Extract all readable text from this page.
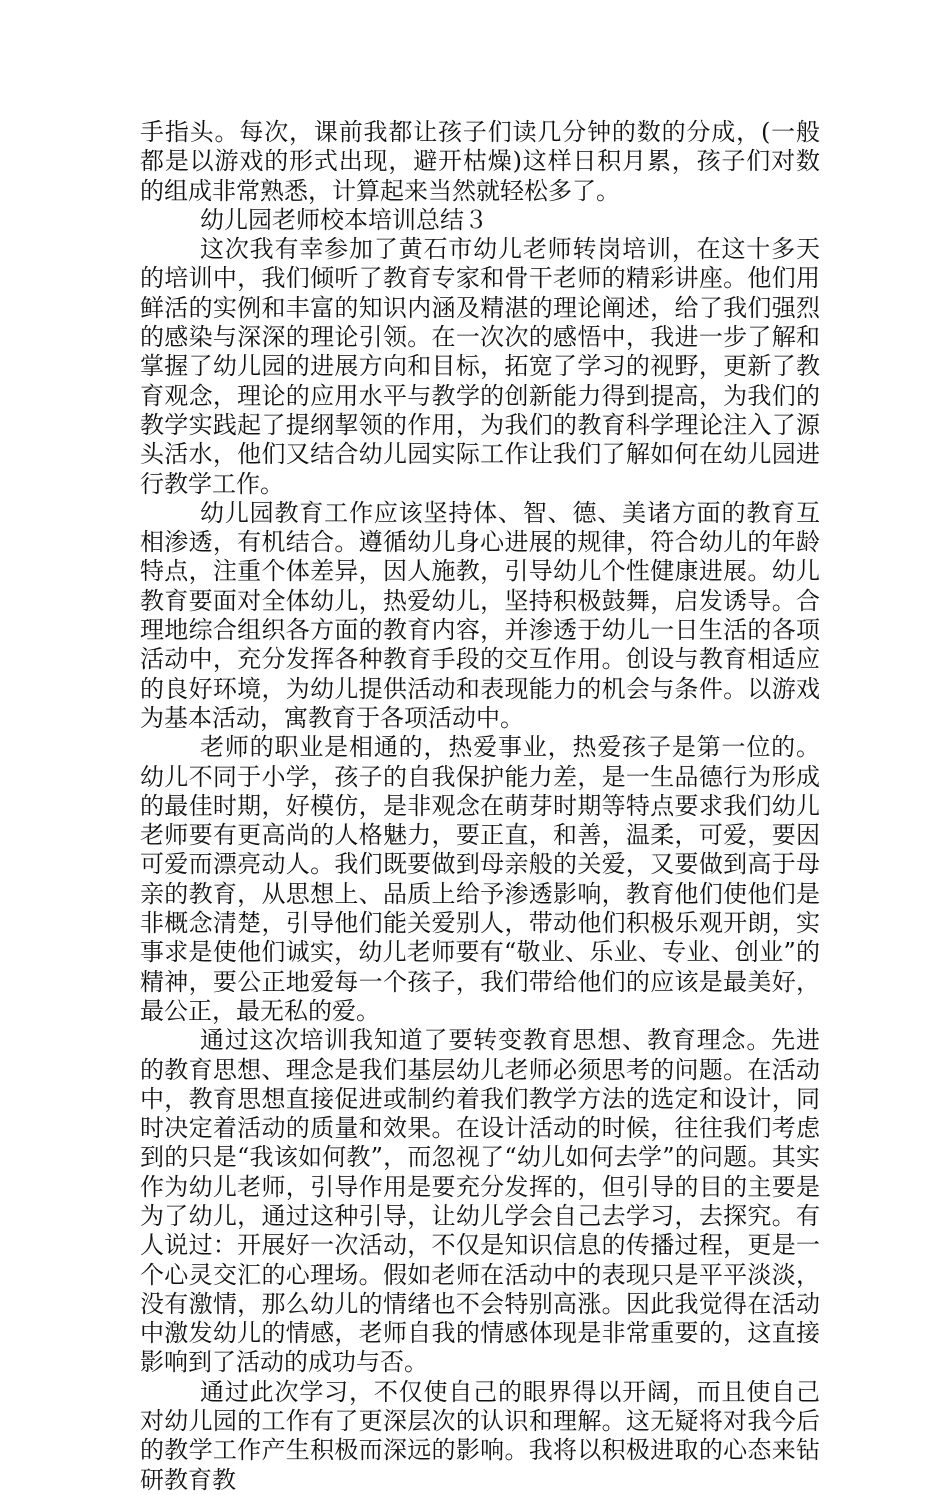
手指头。每次，课前我都让孩子们读几分钟的数的分成，(一般都是以游戏的形式出现，避开枯燥)这样日积月累，孩子们对数的组成非常熟悉，计算起来当然就轻松多了。

幼儿园老师校本培训总结３

这次我有幸参加了黄石市幼儿老师转岗培训，在这十多天的培训中，我们倾听了教育专家和骨干老师的精彩讲座。他们用鲜活的实例和丰富的知识内涵及精湛的理论阐述，给了我们强烈的感染与深深的理论引领。在一次次的感悟中，我进一步了解和掌握了幼儿园的进展方向和目标，拓宽了学习的视野，更新了教育观念，理论的应用水平与教学的创新能力得到提高，为我们的教学实践起了提纲挈领的作用，为我们的教育科学理论注入了源头活水，他们又结合幼儿园实际工作让我们了解如何在幼儿园进行教学工作。

幼儿园教育工作应该坚持体、智、德、美诸方面的教育互相渗透，有机结合。遵循幼儿身心进展的规律，符合幼儿的年龄特点，注重个体差异，因人施教，引导幼儿个性健康进展。幼儿教育要面对全体幼儿，热爱幼儿，坚持积极鼓舞，启发诱导。合理地综合组织各方面的教育内容，并渗透于幼儿一日生活的各项活动中，充分发挥各种教育手段的交互作用。创设与教育相适应的良好环境，为幼儿提供活动和表现能力的机会与条件。以游戏为基本活动，寓教育于各项活动中。

老师的职业是相通的，热爱事业，热爱孩子是第一位的。幼儿不同于小学，孩子的自我保护能力差，是一生品德行为形成的最佳时期，好模仿，是非观念在萌芽时期等特点要求我们幼儿老师要有更高尚的人格魅力，要正直，和善，温柔，可爱，要因可爱而漂亮动人。我们既要做到母亲般的关爱，又要做到高于母亲的教育，从思想上、品质上给予渗透影响，教育他们使他们是非概念清楚，引导他们能关爱别人，带动他们积极乐观开朗，实事求是使他们诚实，幼儿老师要有“敬业、乐业、专业、创业”的精神，要公正地爱每一个孩子，我们带给他们的应该是最美好，最公正，最无私的爱。

通过这次培训我知道了要转变教育思想、教育理念。先进的教育思想、理念是我们基层幼儿老师必须思考的问题。在活动中，教育思想直接促进或制约着我们教学方法的选定和设计，同时决定着活动的质量和效果。在设计活动的时候，往往我们考虑到的只是“我该如何教”，而忽视了“幼儿如何去学”的问题。其实作为幼儿老师，引导作用是要充分发挥的，但引导的目的主要是为了幼儿，通过这种引导，让幼儿学会自己去学习，去探究。有人说过：开展好一次活动，不仅是知识信息的传播过程，更是一个心灵交汇的心理场。假如老师在活动中的表现只是平平淡淡，没有激情，那么幼儿的情绪也不会特别高涨。因此我觉得在活动中激发幼儿的情感，老师自我的情感体现是非常重要的，这直接影响到了活动的成功与否。

通过此次学习，不仅使自己的眼界得以开阔，而且使自己对幼儿园的工作有了更深层次的认识和理解。这无疑将对我今后的教学工作产生积极而深远的影响。我将以积极进取的心态来钻研教育教
